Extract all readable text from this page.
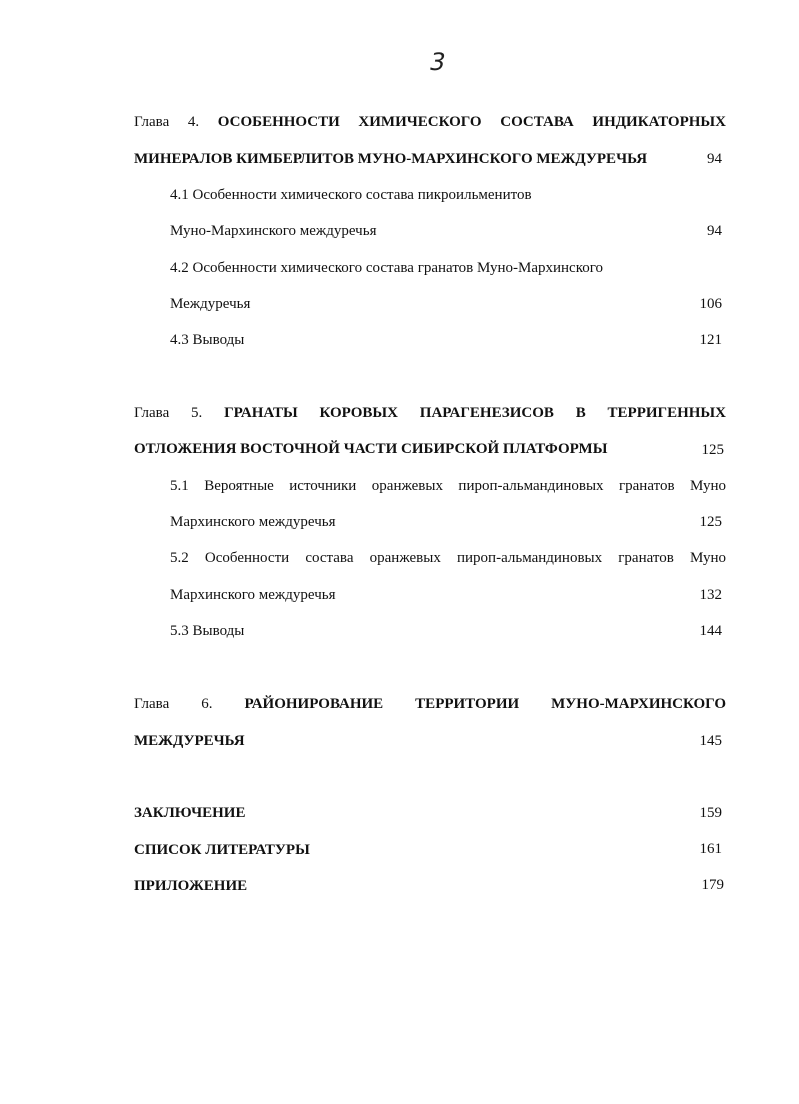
3
Глава 4. ОСОБЕННОСТИ ХИМИЧЕСКОГО СОСТАВА ИНДИКАТОРНЫХ
МИНЕРАЛОВ КИМБЕРЛИТОВ МУНО-МАРХИНСКОГО МЕЖДУРЕЧЬЯ	94
4.1 Особенности химического состава пикроильменитов
Муно-Мархинского междуречья	94
4.2 Особенности химического состава гранатов Муно-Мархинского
Междуречья	106
4.3 Выводы	121
Глава 5. ГРАНАТЫ КОРОВЫХ ПАРАГЕНЕЗИСОВ В ТЕРРИГЕННЫХ
ОТЛОЖЕНИЯ ВОСТОЧНОЙ ЧАСТИ СИБИРСКОЙ ПЛАТФОРМЫ	125
5.1 Вероятные источники оранжевых пироп-альмандиновых гранатов Муно
Мархинского междуречья	125
5.2 Особенности состава оранжевых пироп-альмандиновых гранатов Муно
Мархинского междуречья	132
5.3 Выводы	144
Глава 6. РАЙОНИРОВАНИЕ ТЕРРИТОРИИ МУНО-МАРХИНСКОГО
МЕЖДУРЕЧЬЯ	145
ЗАКЛЮЧЕНИЕ	159
СПИСОК ЛИТЕРАТУРЫ	161
ПРИЛОЖЕНИЕ	179
